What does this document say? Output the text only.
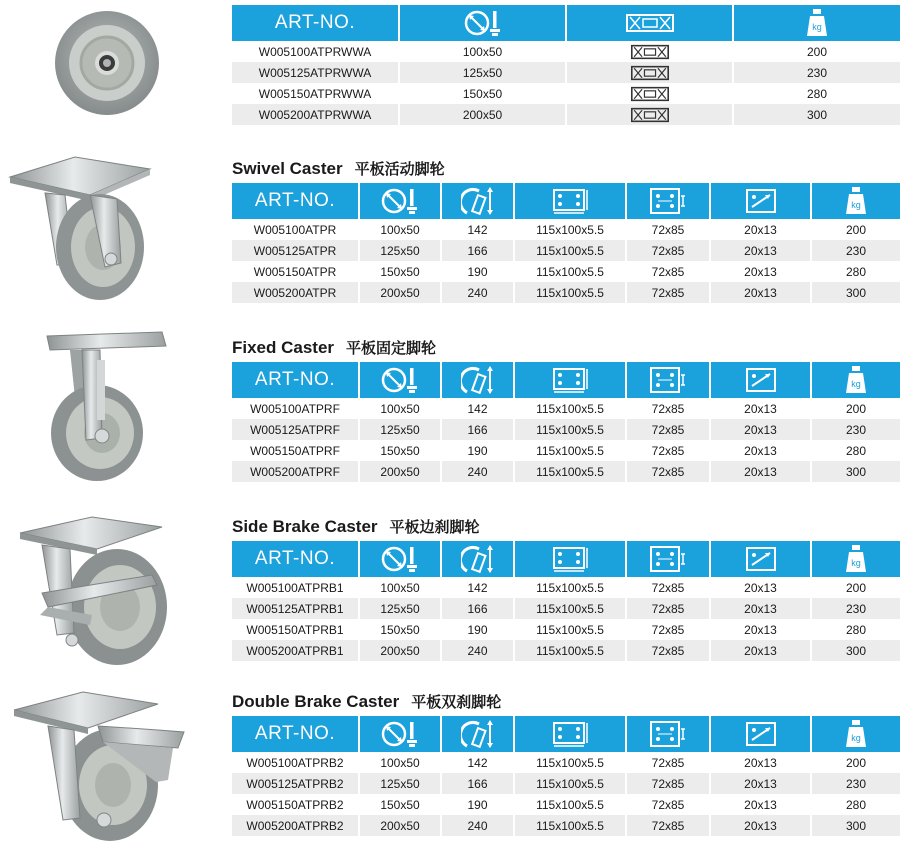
ART-NO.			kg

W005100ATPRWWA	100x50		200
W005125ATPRWWA	125x50		230
W005150ATPRWWA	150x50		280
W005200ATPRWWA	200x50		300
Swivel Caster 平板活动脚轮
ART-NO.						kg

W005100ATPR	100x50	142	115x100x5.5	72x85	20x13	200
W005125ATPR	125x50	166	115x100x5.5	72x85	20x13	230
W005150ATPR	150x50	190	115x100x5.5	72x85	20x13	280
W005200ATPR	200x50	240	115x100x5.5	72x85	20x13	300
Fixed Caster 平板固定脚轮
ART-NO.						kg

W005100ATPRF	100x50	142	115x100x5.5	72x85	20x13	200
W005125ATPRF	125x50	166	115x100x5.5	72x85	20x13	230
W005150ATPRF	150x50	190	115x100x5.5	72x85	20x13	280
W005200ATPRF	200x50	240	115x100x5.5	72x85	20x13	300
Side Brake Caster 平板边刹脚轮
ART-NO.						kg

W005100ATPRB1	100x50	142	115x100x5.5	72x85	20x13	200
W005125ATPRB1	125x50	166	115x100x5.5	72x85	20x13	230
W005150ATPRB1	150x50	190	115x100x5.5	72x85	20x13	280
W005200ATPRB1	200x50	240	115x100x5.5	72x85	20x13	300
Double Brake Caster 平板双刹脚轮
ART-NO.						kg

W005100ATPRB2	100x50	142	115x100x5.5	72x85	20x13	200
W005125ATPRB2	125x50	166	115x100x5.5	72x85	20x13	230
W005150ATPRB2	150x50	190	115x100x5.5	72x85	20x13	280
W005200ATPRB2	200x50	240	115x100x5.5	72x85	20x13	300
